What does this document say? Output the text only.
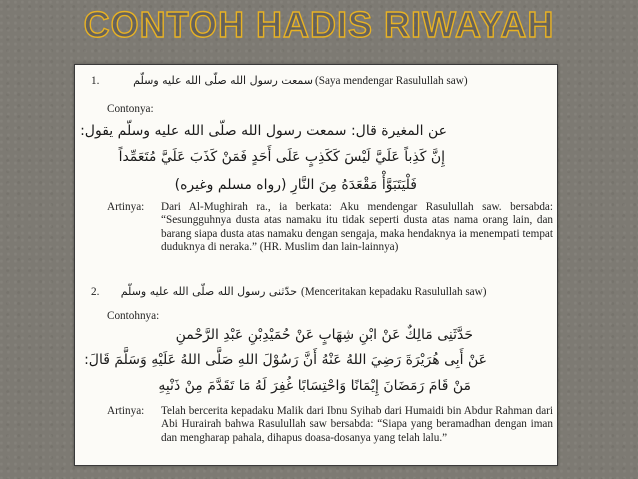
CONTOH HADIS RIWAYAH
1.	سمعت رسول الله صلّى الله عليه وسلّم (Saya mendengar Rasulullah saw)
Contonya:
عن المغيرة قال: سمعت رسول الله صلّى الله عليه وسلّم يقول:
إِنَّ كَذِباً عَلَيَّ لَيْسَ كَكَذِبٍ عَلَى أَحَدٍ فَمَنْ كَذَبَ عَلَيَّ مُتَعَمِّداً
فَلْيَتَبَوَّأْ مَقْعَدَهُ مِنَ النَّارِ (رواه مسلم وغيره)
Artinya: Dari Al-Mughirah ra., ia berkata: Aku mendengar Rasulullah saw. bersabda: “Sesungguhnya dusta atas namaku itu tidak seperti dusta atas nama orang lain, dan barang siapa dusta atas namaku dengan sengaja, maka hendaknya ia menempati tempat duduknya di neraka.” (HR. Muslim dan lain-lainnya)
2. حدّثنى رسول الله صلّى الله عليه وسلّم (Menceritakan kepadaku Rasulullah saw)
Contohnya:
حَدَّثَنِى مَالِكٌ عَنْ ابْنِ شِهَابٍ عَنْ حُمَيْدِبْنِ عَبْدِ الرَّحْمنِ
عَنْ أَبِى هُرَيْرَةَ رَضِيَ اللهُ عَنْهُ أَنَّ رَسُوْلَ اللهِ صَلَّى اللهُ عَلَيْهِ وَسَلَّمَ قَالَ:
مَنْ قَامَ رَمَضَانَ إِيْمَانًا وَاحْتِسَابًا غُفِرَ لَهُ مَا تَقَدَّمَ مِنْ ذَنْبِهِ
Artinya: Telah bercerita kepadaku Malik dari Ibnu Syihab dari Humaidi bin Abdur Rahman dari Abi Hurairah bahwa Rasulullah saw bersabda: “Siapa yang beramadhan dengan iman dan mengharap pahala, dihapus doasa-dosanya yang telah lalu.”
